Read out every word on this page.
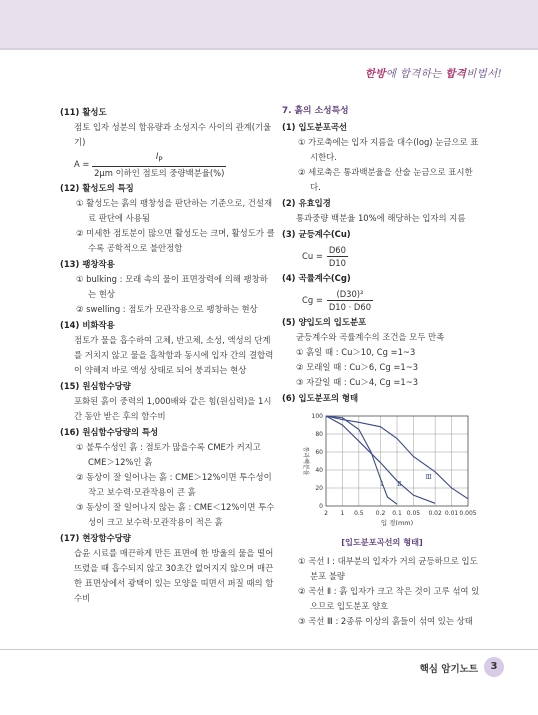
한방에 합격하는 합격비법서!
(11) 활성도
점토 입자 성분의 함유량과 소성지수 사이의 관계(기울기)
$A = \frac{I_P}{\text{2μm 이하인 점토의 중량백분율(\%)}}$
(12) 활성도의 특징
① 활성도는 흙의 팽창성을 판단하는 기준으로, 건설재료 판단에 사용됨
② 미세한 점토분이 많으면 활성도는 크며, 활성도가 클수록 공학적으로 불안정함
(13) 팽창작용
① bulking : 모래 속의 물이 표면장력에 의해 팽창하는 현상
② swelling : 점토가 모관작용으로 팽창하는 현상
(14) 비화작용
점토가 물을 흡수하여 고체, 반고체, 소성, 액성의 단계를 거치지 않고 물을 흡착함과 동시에 입자 간의 결합력이 약해져 바로 액성 상태로 되어 붕괴되는 현상
(15) 원심함수당량
포화된 흙이 중력의 1,000배와 같은 힘(원심력)을 1시간 동안 받은 후의 함수비
(16) 원심함수당량의 특성
① 불투수성인 흙 : 점토가 많을수록 CME가 커지고 CME＞12%인 흙
② 동상이 잘 일어나는 흙 : CME＞12%이면 투수성이 작고 보수력·모관작용이 큰 흙
③ 동상이 잘 일어나지 않는 흙 : CME＜12%이면 투수성이 크고 보수력·모관작용이 적은 흙
(17) 현장함수당량
습윤 시료를 매끈하게 만든 표면에 한 방울의 물을 떨어뜨렸을 때 흡수되지 않고 30초간 없어지지 않으며 매끈한 표면상에서 광택이 있는 모양을 띠면서 퍼질 때의 함수비
7. 흙의 소성특성
(1) 입도분포곡선
① 가로축에는 입자 지름을 대수(log) 눈금으로 표시한다.
② 세로축은 통과백분율을 산술 눈금으로 표시한다.
(2) 유효입경
통과중량 백분율 10%에 해당하는 입자의 지름
(3) 균등계수(Cu)
$Cu = \frac{D60}{D10}$
(4) 곡률계수(Cg)
$Cg = \frac{\text{(D30)²}}{D10 \cdot D60}$
(5) 양입도의 입도분포
균등계수와 곡률계수의 조건을 모두 만족
① 흙일 때 : Cu＞10, Cg =1~3
② 모래일 때 : Cu＞6, Cg =1~3
③ 자갈일 때 : Cu＞4, Cg =1~3
(6) 입도분포의 형태
2 1 0.5 0.2 0.1 0.05 0.02 0.01 0.005
0
20
40
60
80
100
Ⅰ Ⅱ
Ⅲ
통과백분율
입 경(mm)
[입도분포곡선의 형태]
① 곡선 Ⅰ : 대부분의 입자가 거의 균등하므로 입도분포 불량
② 곡선 Ⅱ : 흙 입자가 크고 작은 것이 고루 섞여 있으므로 입도분포 양호
③ 곡선 Ⅲ : 2종류 이상의 흙들이 섞여 있는 상태
핵심 암기노트	3
